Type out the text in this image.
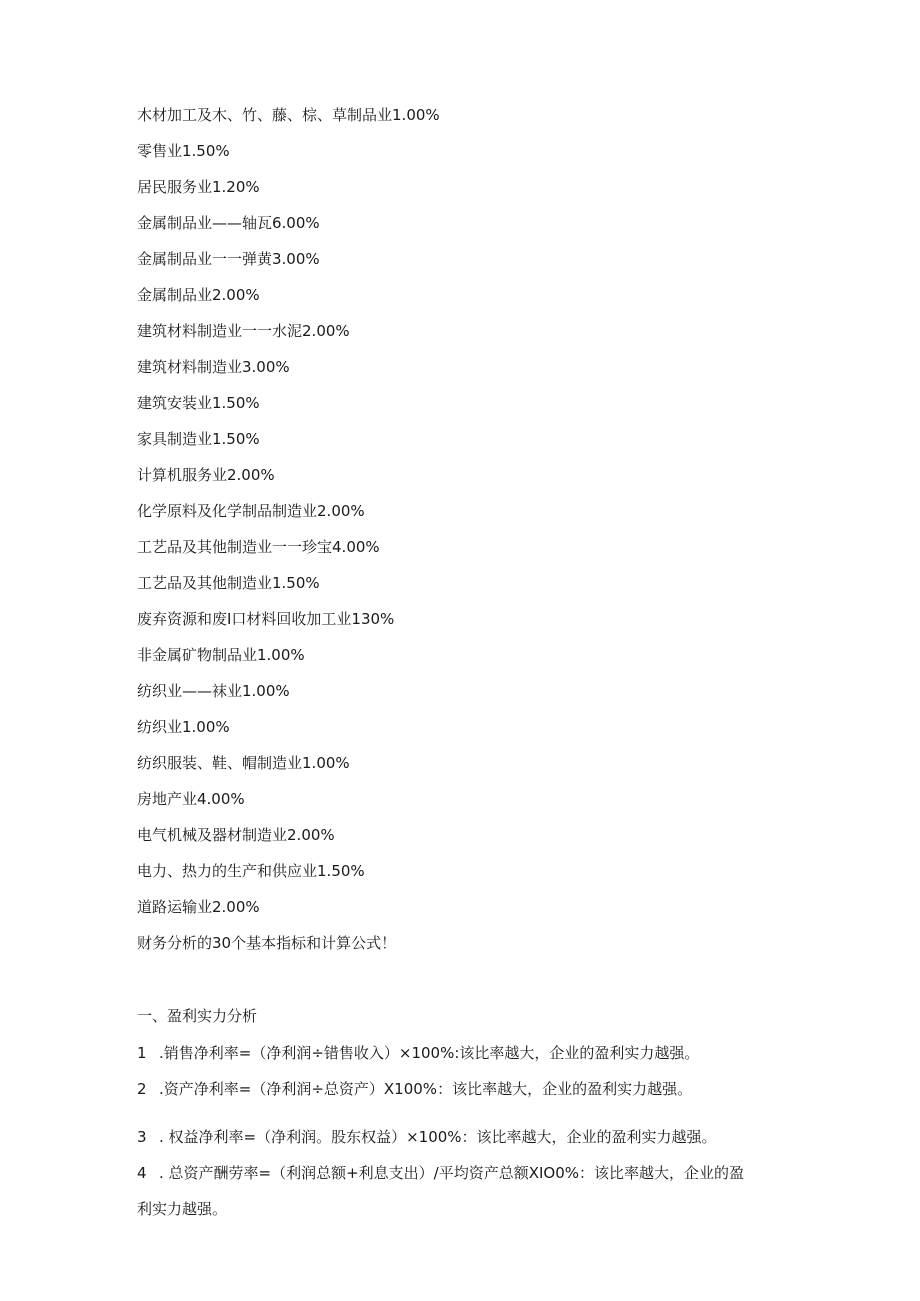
木材加工及木、竹、藤、棕、草制品业1.00%
零售业1.50%
居民服务业1.20%
金属制品业——轴瓦6.00%
金属制品业一一弹黄3.00%
金属制品业2.00%
建筑材料制造业一一水泥2.00%
建筑材料制造业3.00%
建筑安装业1.50%
家具制造业1.50%
计算机服务业2.00%
化学原料及化学制品制造业2.00%
工艺品及其他制造业一一珍宝4.00%
工艺品及其他制造业1.50%
废弃资源和废I口材料回收加工业130%
非金属矿物制品业1.00%
纺织业——袜业1.00%
纺织业1.00%
纺织服装、鞋、帽制造业1.00%
房地产业4.00%
电气机械及器材制造业2.00%
电力、热力的生产和供应业1.50%
道路运输业2.00%
财务分析的30个基本指标和计算公式！
一、盈利实力分析
1 .销售净利率=（净利润÷错售收入）×100%:该比率越大，企业的盈利实力越强。
2 .资产净利率=（净利润÷总资产）X100%：该比率越大，企业的盈利实力越强。
3 . 权益净利率=（净利润。股东权益）×100%：该比率越大，企业的盈利实力越强。
4 . 总资产酬劳率=（利润总额+利息支出）/平均资产总额XIO0%：该比率越大，企业的盈
利实力越强。
